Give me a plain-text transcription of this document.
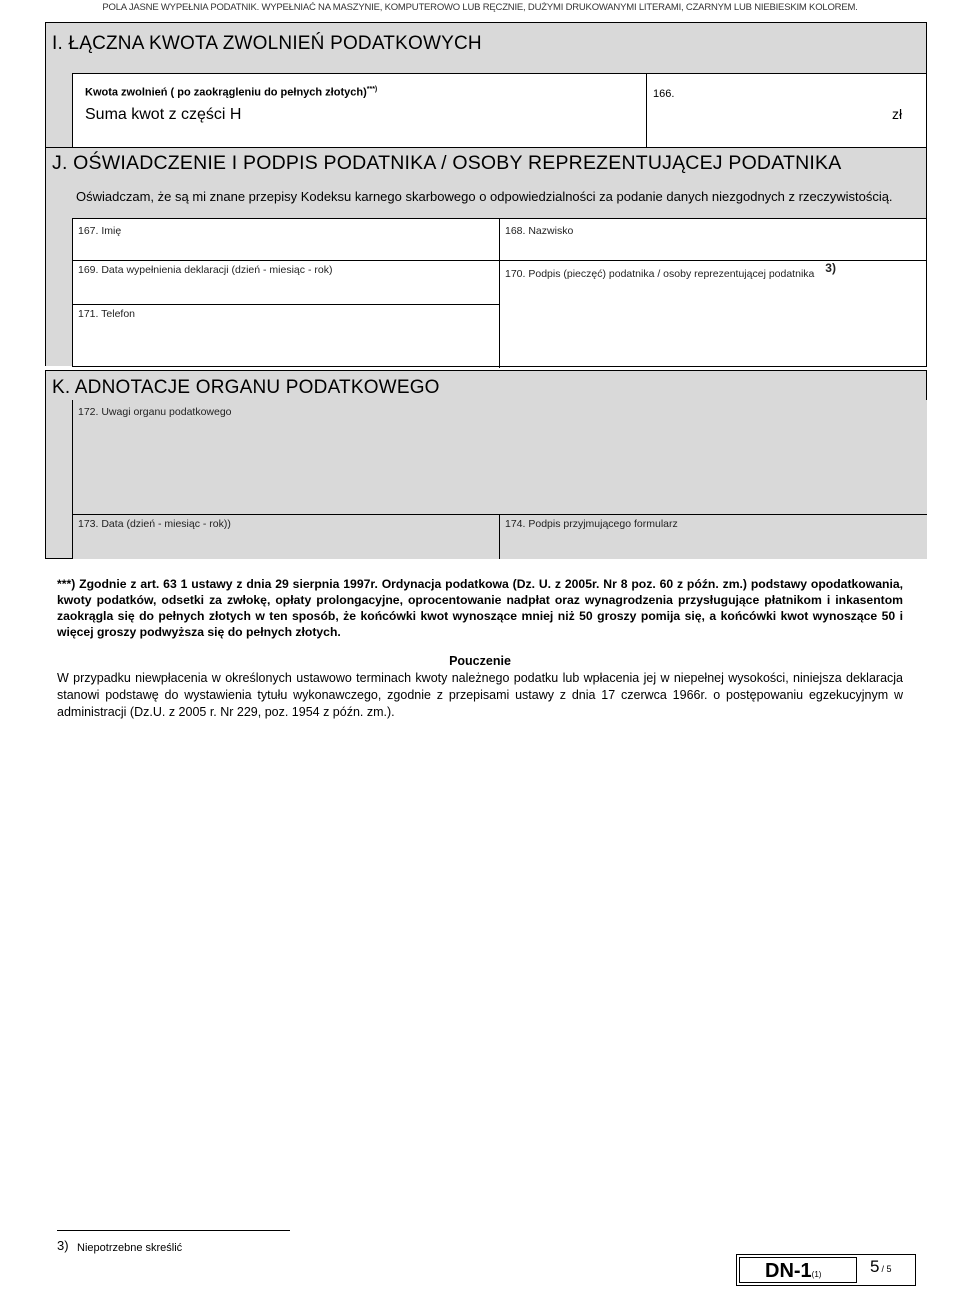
POLA JASNE WYPEŁNIA PODATNIK. WYPEŁNIAĆ NA MASZYNIE, KOMPUTEROWO LUB RĘCZNIE, DUŻYMI DRUKOWANYMI LITERAMI, CZARNYM LUB NIEBIESKIM KOLOREM.
I. ŁĄCZNA KWOTA ZWOLNIEŃ PODATKOWYCH
Kwota zwolnień ( po zaokrągleniu do pełnych złotych)***)
Suma kwot z części H
166.
zł
J. OŚWIADCZENIE I PODPIS PODATNIKA / OSOBY REPREZENTUJĄCEJ PODATNIKA
Oświadczam, że są mi znane przepisy Kodeksu karnego skarbowego o odpowiedzialności za podanie danych niezgodnych z rzeczywistością.
167. Imię	168. Nazwisko
169. Data wypełnienia deklaracji (dzień - miesiąc - rok)	170. Podpis (pieczęć) podatnika / osoby reprezentującej podatnika 3)
171. Telefon
K. ADNOTACJE ORGANU PODATKOWEGO
172. Uwagi organu podatkowego
173. Data (dzień - miesiąc - rok))	174. Podpis przyjmującego formularz
***) Zgodnie z art. 63 1 ustawy z dnia 29 sierpnia 1997r. Ordynacja podatkowa (Dz. U. z 2005r. Nr 8 poz. 60 z późn. zm.) podstawy opodatkowania, kwoty podatków, odsetki za zwłokę, opłaty prolongacyjne, oprocentowanie nadpłat oraz wynagrodzenia przysługujące płatnikom i inkasentom zaokrągla się do pełnych złotych w ten sposób, że końcówki kwot wynoszące mniej niż 50 groszy pomija się, a końcówki kwot wynoszące 50 i więcej groszy podwyższa się do pełnych złotych.
Pouczenie
W przypadku niewpłacenia w określonych ustawowo terminach kwoty należnego podatku lub wpłacenia jej w niepełnej wysokości, niniejsza deklaracja stanowi podstawę do wystawienia tytułu wykonawczego, zgodnie z przepisami ustawy z dnia 17 czerwca 1966r. o postępowaniu egzekucyjnym w administracji (Dz.U. z 2005 r. Nr 229, poz. 1954 z późn. zm.).
3) Niepotrzebne skreślić
DN-1(1)	5 / 5
